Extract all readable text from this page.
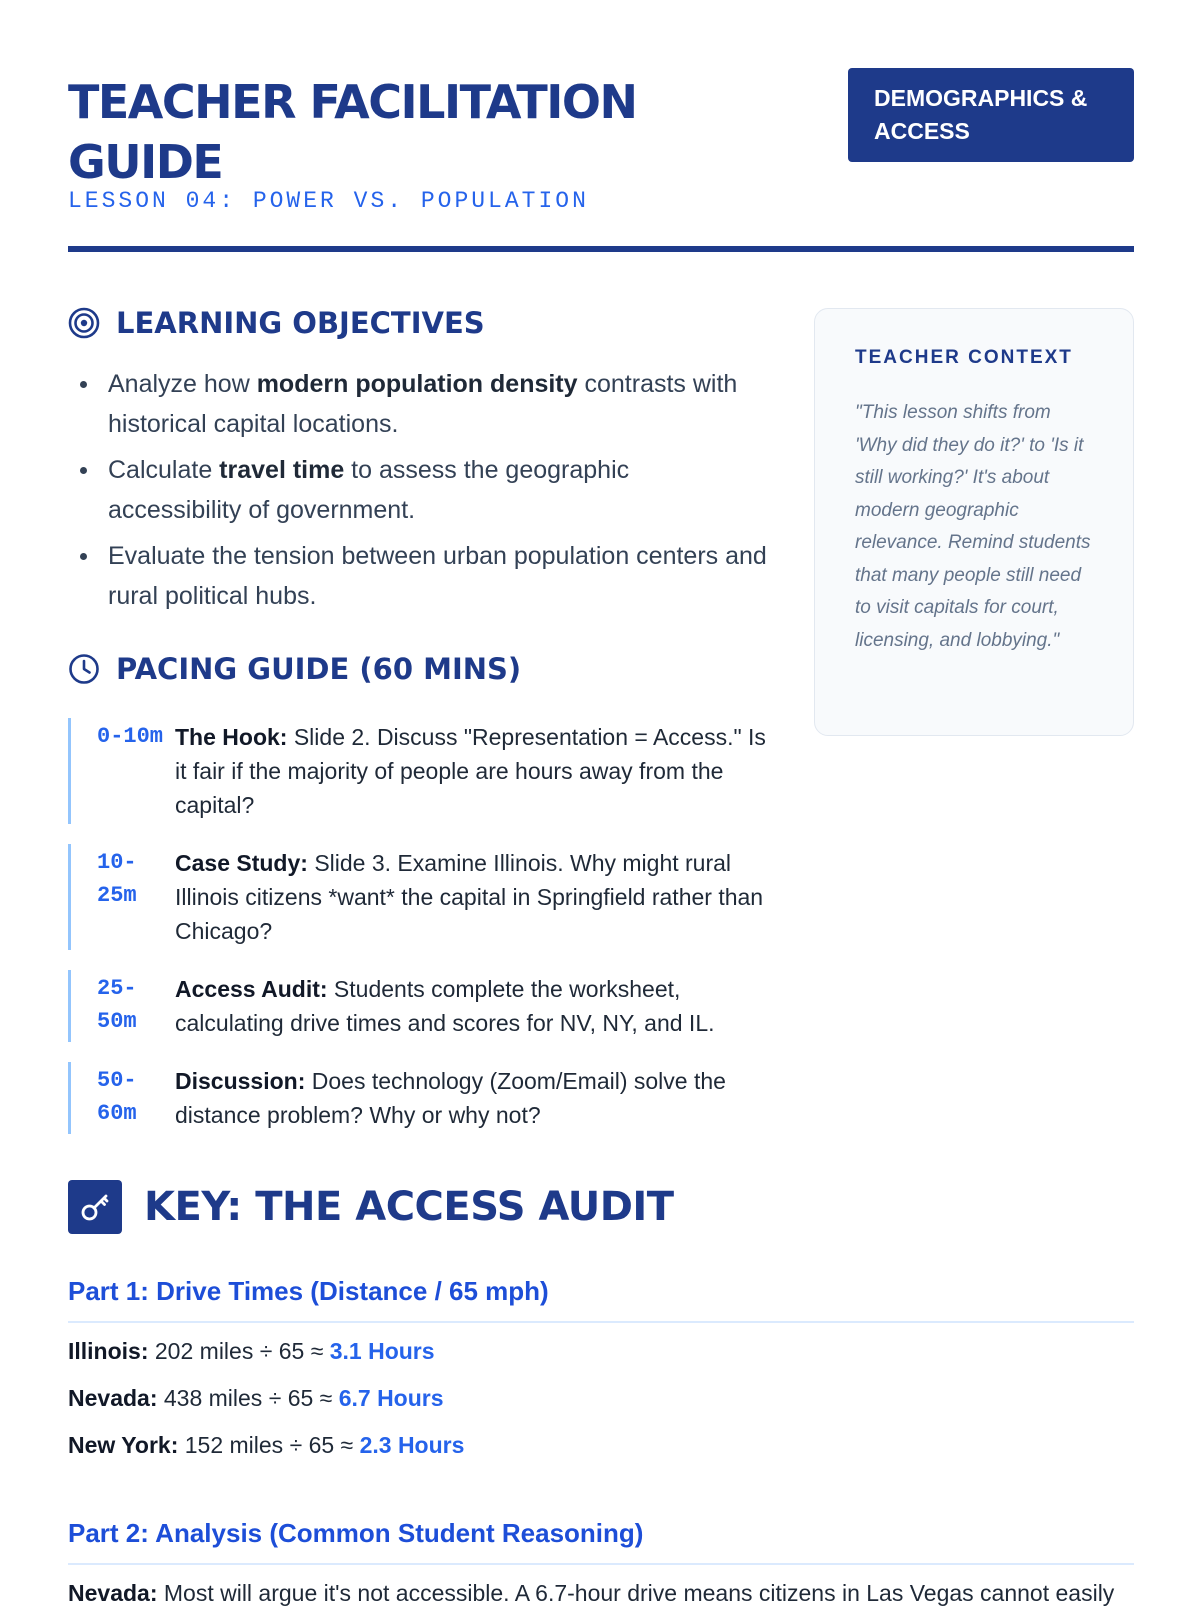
TEACHER FACILITATION GUIDE
LESSON 04: POWER VS. POPULATION
DEMOGRAPHICS & ACCESS
LEARNING OBJECTIVES
Analyze how modern population density contrasts with historical capital locations.
Calculate travel time to assess the geographic accessibility of government.
Evaluate the tension between urban population centers and rural political hubs.
PACING GUIDE (60 MINS)
0-10m The Hook: Slide 2. Discuss "Representation = Access." Is it fair if the majority of people are hours away from the capital?
10-25m
Case Study: Slide 3. Examine Illinois. Why might rural Illinois citizens *want* the capital in Springfield rather than Chicago?
25-50m
Access Audit: Students complete the worksheet, calculating drive times and scores for NV, NY, and IL.
50-60m
Discussion: Does technology (Zoom/Email) solve the distance problem? Why or why not?
TEACHER CONTEXT
"This lesson shifts from 'Why did they do it?' to 'Is it still working?' It's about modern geographic relevance. Remind students that many people still need to visit capitals for court, licensing, and lobbying."
KEY: THE ACCESS AUDIT
Part 1: Drive Times (Distance / 65 mph)
Illinois: 202 miles ÷ 65 ≈ 3.1 Hours
Nevada: 438 miles ÷ 65 ≈ 6.7 Hours
New York: 152 miles ÷ 65 ≈ 2.3 Hours
Part 2: Analysis (Common Student Reasoning)
Nevada: Most will argue it's not accessible. A 6.7-hour drive means citizens in Las Vegas cannot easily
